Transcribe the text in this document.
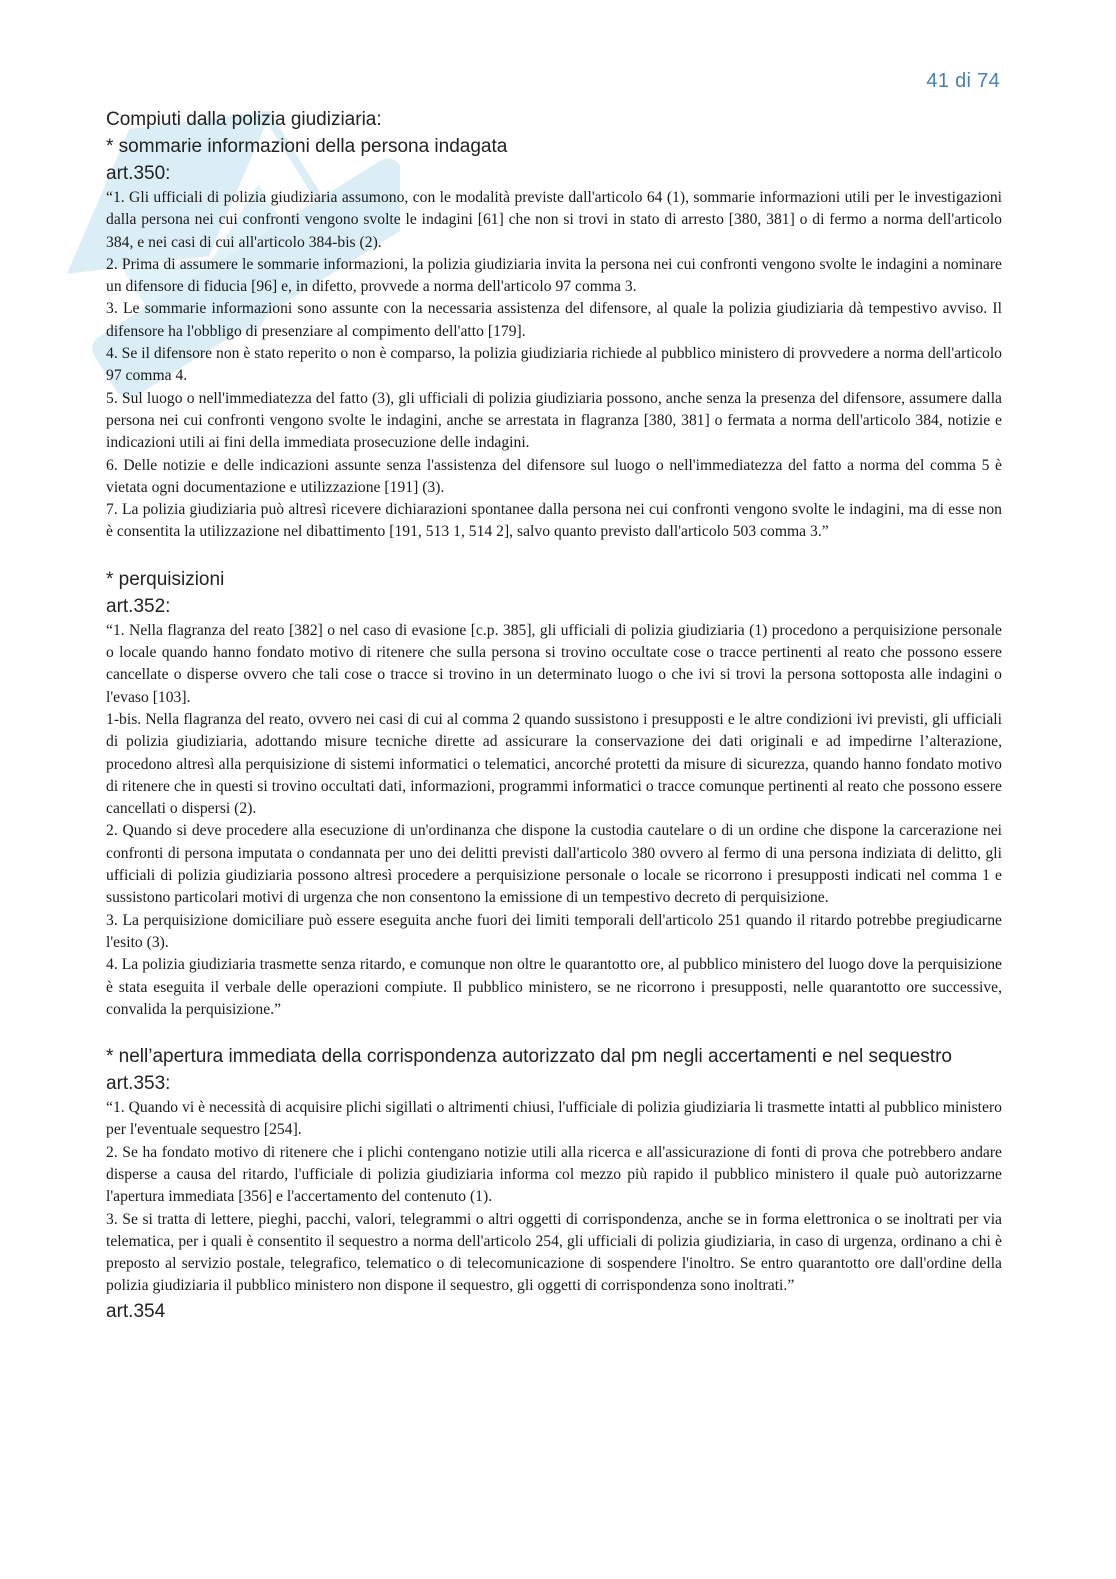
41 di 74

Compiuti dalla polizia giudiziaria:

* sommarie informazioni della persona indagata

art.350:

“1. Gli ufficiali di polizia giudiziaria assumono, con le modalità previste dall'articolo 64 (1), sommarie informazioni utili per le investigazioni dalla persona nei cui confronti vengono svolte le indagini [61] che non si trovi in stato di arresto [380, 381] o di fermo a norma dell'articolo 384, e nei casi di cui all'articolo 384-bis (2).

2. Prima di assumere le sommarie informazioni, la polizia giudiziaria invita la persona nei cui confronti vengono svolte le indagini a nominare un difensore di fiducia [96] e, in difetto, provvede a norma dell'articolo 97 comma 3.

3. Le sommarie informazioni sono assunte con la necessaria assistenza del difensore, al quale la polizia giudiziaria dà tempestivo avviso. Il difensore ha l'obbligo di presenziare al compimento dell'atto [179].

4. Se il difensore non è stato reperito o non è comparso, la polizia giudiziaria richiede al pubblico ministero di provvedere a norma dell'articolo 97 comma 4.

5. Sul luogo o nell'immediatezza del fatto (3), gli ufficiali di polizia giudiziaria possono, anche senza la presenza del difensore, assumere dalla persona nei cui confronti vengono svolte le indagini, anche se arrestata in flagranza [380, 381] o fermata a norma dell'articolo 384, notizie e indicazioni utili ai fini della immediata prosecuzione delle indagini.

6. Delle notizie e delle indicazioni assunte senza l'assistenza del difensore sul luogo o nell'immediatezza del fatto a norma del comma 5 è vietata ogni documentazione e utilizzazione [191] (3).

7. La polizia giudiziaria può altresì ricevere dichiarazioni spontanee dalla persona nei cui confronti vengono svolte le indagini, ma di esse non è consentita la utilizzazione nel dibattimento [191, 513 1, 514 2], salvo quanto previsto dall'articolo 503 comma 3.”

* perquisizioni

art.352:

“1. Nella flagranza del reato [382] o nel caso di evasione [c.p. 385], gli ufficiali di polizia giudiziaria (1) procedono a perquisizione personale o locale quando hanno fondato motivo di ritenere che sulla persona si trovino occultate cose o tracce pertinenti al reato che possono essere cancellate o disperse ovvero che tali cose o tracce si trovino in un determinato luogo o che ivi si trovi la persona sottoposta alle indagini o l'evaso [103].

1-bis. Nella flagranza del reato, ovvero nei casi di cui al comma 2 quando sussistono i presupposti e le altre condizioni ivi previsti, gli ufficiali di polizia giudiziaria, adottando misure tecniche dirette ad assicurare la conservazione dei dati originali e ad impedirne l’alterazione, procedono altresì alla perquisizione di sistemi informatici o telematici, ancorché protetti da misure di sicurezza, quando hanno fondato motivo di ritenere che in questi si trovino occultati dati, informazioni, programmi informatici o tracce comunque pertinenti al reato che possono essere cancellati o dispersi (2).

2. Quando si deve procedere alla esecuzione di un'ordinanza che dispone la custodia cautelare o di un ordine che dispone la carcerazione nei confronti di persona imputata o condannata per uno dei delitti previsti dall'articolo 380 ovvero al fermo di una persona indiziata di delitto, gli ufficiali di polizia giudiziaria possono altresì procedere a perquisizione personale o locale se ricorrono i presupposti indicati nel comma 1 e sussistono particolari motivi di urgenza che non consentono la emissione di un tempestivo decreto di perquisizione.

3. La perquisizione domiciliare può essere eseguita anche fuori dei limiti temporali dell'articolo 251 quando il ritardo potrebbe pregiudicarne l'esito (3).

4. La polizia giudiziaria trasmette senza ritardo, e comunque non oltre le quarantotto ore, al pubblico ministero del luogo dove la perquisizione è stata eseguita il verbale delle operazioni compiute. Il pubblico ministero, se ne ricorrono i presupposti, nelle quarantotto ore successive, convalida la perquisizione.”

* nell’apertura immediata della corrispondenza autorizzato dal pm negli accertamenti e nel sequestro

art.353:

“1. Quando vi è necessità di acquisire plichi sigillati o altrimenti chiusi, l'ufficiale di polizia giudiziaria li trasmette intatti al pubblico ministero per l'eventuale sequestro [254].

2. Se ha fondato motivo di ritenere che i plichi contengano notizie utili alla ricerca e all'assicurazione di fonti di prova che potrebbero andare disperse a causa del ritardo, l'ufficiale di polizia giudiziaria informa col mezzo più rapido il pubblico ministero il quale può autorizzarne l'apertura immediata [356] e l'accertamento del contenuto (1).

3. Se si tratta di lettere, pieghi, pacchi, valori, telegrammi o altri oggetti di corrispondenza, anche se in forma elettronica o se inoltrati per via telematica, per i quali è consentito il sequestro a norma dell'articolo 254, gli ufficiali di polizia giudiziaria, in caso di urgenza, ordinano a chi è preposto al servizio postale, telegrafico, telematico o di telecomunicazione di sospendere l'inoltro. Se entro quarantotto ore dall'ordine della polizia giudiziaria il pubblico ministero non dispone il sequestro, gli oggetti di corrispondenza sono inoltrati.”

art.354
